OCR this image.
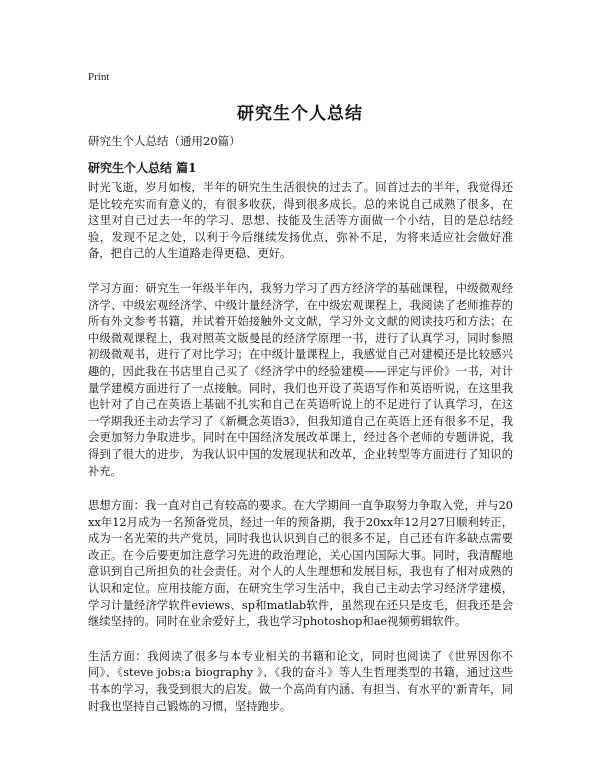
Print
研究生个人总结
研究生个人总结（通用20篇）
研究生个人总结 篇1

时光飞逝，岁月如梭，半年的研究生生活很快的过去了。回首过去的半年，我觉得还是比较充实而有意义的，有很多收获，得到很多成长。总的来说自己成熟了很多，在这里对自己过去一年的学习、思想、技能及生活等方面做一个小结，目的是总结经验，发现不足之处，以利于今后继续发扬优点，弥补不足，为将来适应社会做好准备，把自己的人生道路走得更稳、更好。

学习方面：研究生一年级半年内，我努力学习了西方经济学的基础课程，中级微观经济学、中级宏观经济学、中级计量经济学，在中级宏观课程上，我阅读了老师推荐的所有外文参考书籍，并试着开始接触外文文献，学习外文文献的阅读技巧和方法；在中级微观课程上，我对照英文版曼昆的经济学原理一书，进行了认真学习，同时参照初级微观书，进行了对比学习；在中级计量课程上，我感觉自己对建模还是比较感兴趣的，因此我在书店里自己买了《经济学中的经验建模——评定与评价》一书，对计量学建模方面进行了一点接触。同时，我们也开设了英语写作和英语听说，在这里我也针对了自己在英语上基础不扎实和自己在英语听说上的不足进行了认真学习，在这一学期我还主动去学习了《新概念英语3》，但我知道自己在英语上还有很多不足，我会更加努力争取进步。同时在中国经济发展改革课上，经过各个老师的专题讲说，我得到了很大的进步，为我认识中国的发展现状和改革，企业转型等方面进行了知识的补充。

思想方面：我一直对自己有较高的要求。在大学期间一直争取努力争取入党，并与20xx年12月成为一名预备党员，经过一年的预备期，我于20xx年12月27日顺利转正，成为一名光荣的共产党员，同时我也认识到自己的很多不足，自己还有许多缺点需要改正。在今后要更加注意学习先进的政治理论，关心国内国际大事。同时，我清醒地意识到自己所担负的社会责任。对个人的人生理想和发展目标，我也有了相对成熟的认识和定位。应用技能方面，在研究生学习生活中，我自己主动去学习经济学建模，学习计量经济学软件eviews、sp和matlab软件，虽然现在还只是皮毛，但我还是会继续坚持的。同时在业余爱好上，我也学习photoshop和ae视频剪辑软件。

生活方面：我阅读了很多与本专业相关的书籍和论文，同时也阅读了《世界因你不同》、《steve jobs:a biography 》、《我的奋斗》等人生哲理类型的书籍，通过这些书本的学习，我受到很大的启发。做一个高尚有内涵、有担当、有水平的'新青年，同时我也坚持自己锻炼的习惯，坚持跑步。
